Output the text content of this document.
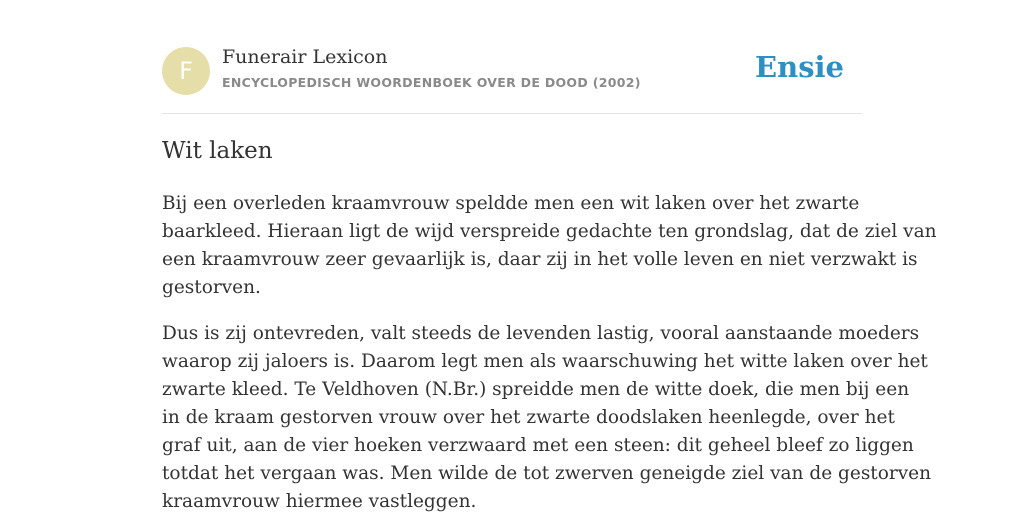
F	Funerair Lexicon
ENCYCLOPEDISCH WOORDENBOEK OVER DE DOOD (2002)	Ensie
Wit laken

Bij een overleden kraamvrouw speldde men een wit laken over het zwarte
baarkleed. Hieraan ligt de wijd verspreide gedachte ten grondslag, dat de ziel van
een kraamvrouw zeer gevaarlijk is, daar zij in het volle leven en niet verzwakt is
gestorven.

Dus is zij ontevreden, valt steeds de levenden lastig, vooral aanstaande moeders
waarop zij jaloers is. Daarom legt men als waarschuwing het witte laken over het
zwarte kleed. Te Veldhoven (N.Br.) spreidde men de witte doek, die men bij een
in de kraam gestorven vrouw over het zwarte doodslaken heenlegde, over het
graf uit, aan de vier hoeken verzwaard met een steen: dit geheel bleef zo liggen
totdat het vergaan was. Men wilde de tot zwerven geneigde ziel van de gestorven
kraamvrouw hiermee vastleggen.
